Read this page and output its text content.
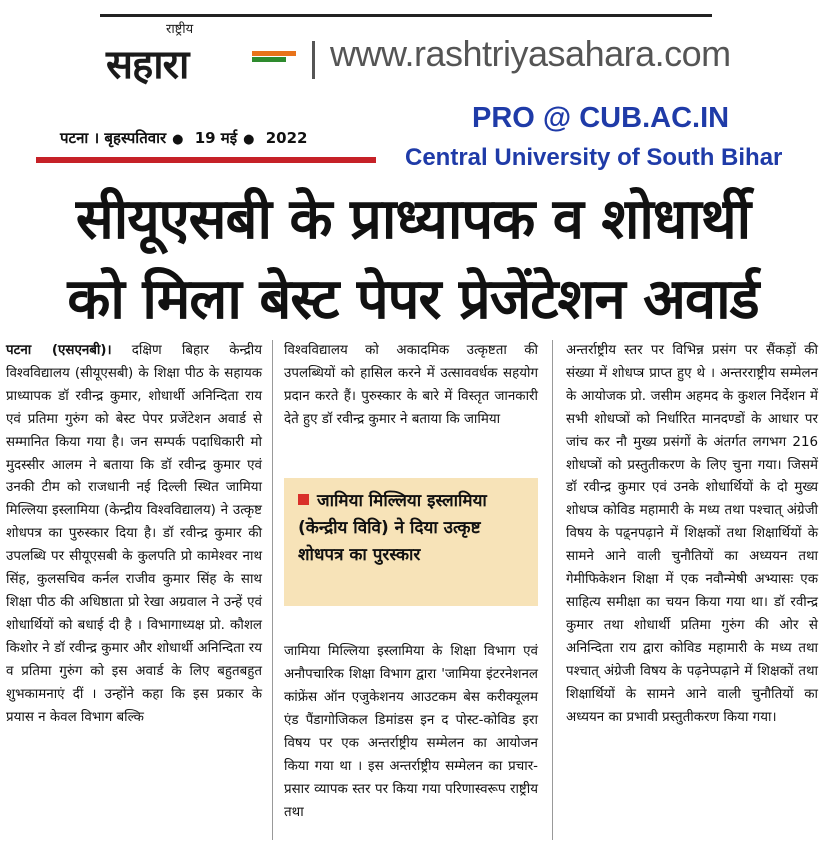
राष्ट्रीय
सहारा	www.rashtriyasahara.com
पटना । बृहस्पतिवार ● 19 मई ● 2022
PRO @ CUB.AC.IN
Central University of South Bihar
सीयूएसबी के प्राध्यापक व शोधार्थी
को मिला बेस्ट पेपर प्रेजेंटेशन अवार्ड

पटना (एसएनबी)। दक्षिण बिहार केन्द्रीय विश्वविद्यालय (सीयूएसबी) के शिक्षा पीठ के सहायक प्राध्यापक डॉ रवीन्द्र कुमार, शोधार्थी अनिन्दिता राय एवं प्रतिमा गुरुंग को बेस्ट पेपर प्रजेंटेशन अवार्ड से सम्मानित किया गया है। जन सम्पर्क पदाधिकारी मो मुदस्सीर आलम ने बताया कि डॉ रवीन्द्र कुमार एवं उनकी टीम को राजधानी नई दिल्ली स्थित जामिया मिल्लिया इस्लामिया (केन्द्रीय विश्वविद्यालय) ने उत्कृष्ट शोधपत्र का पुरुस्कार दिया है। डॉ रवीन्द्र कुमार की उपलब्धि पर सीयूएसबी के कुलपति प्रो कामेश्वर नाथ सिंह, कुलसचिव कर्नल राजीव कुमार सिंह के साथ शिक्षा पीठ की अधिष्ठाता प्रो रेखा अग्रवाल ने उन्हें एवं शोधार्थियों को बधाई दी है । विभागाध्यक्ष प्रो. कौशल किशोर ने डॉ रवीन्द्र कुमार और शोधार्थी अनिन्दिता रय व प्रतिमा गुरुंग को इस अवार्ड के लिए बहुतबहुत शुभकामनाएं दीं । उन्होंने कहा कि इस प्रकार के प्रयास न केवल विभाग बल्कि

विश्वविद्यालय को अकादमिक उत्कृष्टता की उपलब्धियों को हासिल करने में उत्साववर्धक सहयोग प्रदान करते हैं। पुरुस्कार के बारे में विस्तृत जानकारी देते हुए डॉ रवीन्द्र कुमार ने बताया कि जामिया

जामिया मिल्लिया इस्लामिया (केन्द्रीय विवि) ने दिया उत्कृष्ट शोधपत्र का पुरस्कार

जामिया मिल्लिया इस्लामिया के शिक्षा विभाग एवं अनौपचारिक शिक्षा विभाग द्वारा 'जामिया इंटरनेशनल कांफ्रेंस ऑन एजुकेशनय आउटकम बेस करीक्यूलम एंड पैंडागोजिकल डिमांडस इन द पोस्ट-कोविड इरा विषय पर एक अन्तर्राष्ट्रीय सम्मेलन का आयोजन किया गया था । इस अन्तर्राष्ट्रीय सम्मेलन का प्रचार-प्रसार व्यापक स्तर पर किया गया परिणास्वरूप राष्ट्रीय तथा

अन्तर्राष्ट्रीय स्तर पर विभिन्न प्रसंग पर सैंकड़ों की संख्या में शोधप्त्र प्राप्त हुए थे । अन्तरराष्ट्रीय सम्मेलन के आयोजक प्रो. जसीम अहमद के कुशल निर्देशन में सभी शोधप्त्रों को निर्धारित मानदण्डों के आधार पर जांच कर नौ मुख्य प्रसंगों के अंतर्गत लगभग 216 शोधप्त्रों को प्रस्तुतीकरण के लिए चुना गया। जिसमें डॉ रवीन्द्र कुमार एवं उनके शोधार्थियों के दो मुख्य शोधप्त्र कोविड महामारी के मध्य तथा पश्चात् अंग्रेजी विषय के पढ़्नपढ़ाने में शिक्षकों तथा शिक्षार्थियों के सामने आने वाली चुनौतियों का अध्ययन तथा गेमीफिकेशन शिक्षा में एक नवौन्मेषी अभ्यासः एक साहित्य समीक्षा का चयन किया गया था। डॉ रवीन्द्र कुमार तथा शोधार्थी प्रतिमा गुरुंग की ओर से अनिन्दिता राय द्वारा कोविड महामारी के मध्य तथा पश्चात् अंग्रेजी विषय के पढ़नेप्पढ़ाने में शिक्षकों तथा शिक्षार्थियों के सामने आने वाली चुनौतियों का अध्ययन का प्रभावी प्रस्तुतीकरण किया गया।
